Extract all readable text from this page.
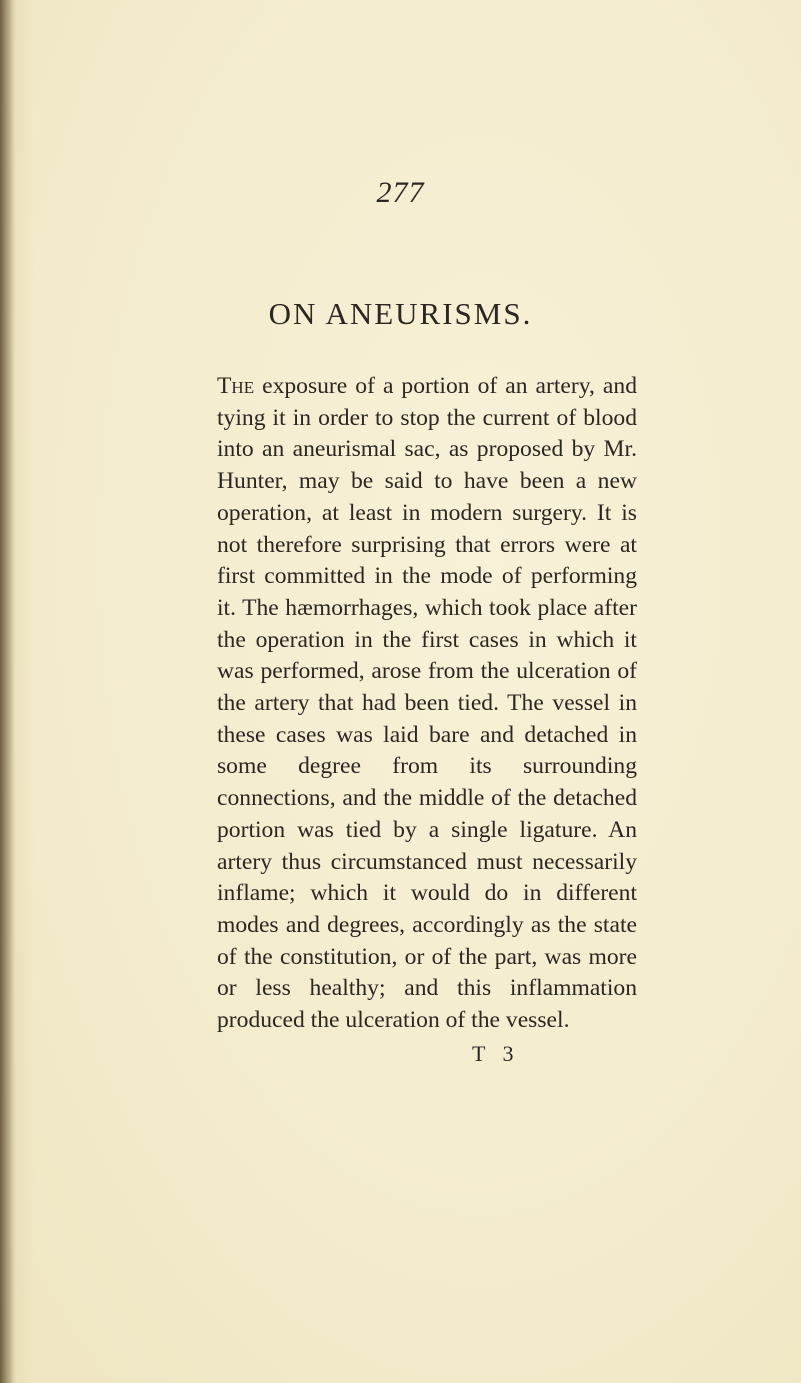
277
ON ANEURISMS.

The exposure of a portion of an artery, and tying it in order to stop the current of blood into an aneurismal sac, as proposed by Mr. Hunter, may be said to have been a new operation, at least in modern surgery. It is not therefore surprising that errors were at first committed in the mode of performing it. The hæmorrhages, which took place after the operation in the first cases in which it was performed, arose from the ulceration of the artery that had been tied. The vessel in these cases was laid bare and detached in some degree from its surrounding connections, and the middle of the detached portion was tied by a single ligature. An artery thus circumstanced must necessarily inflame; which it would do in different modes and degrees, accordingly as the state of the constitution, or of the part, was more or less healthy; and this inflammation produced the ulceration of the vessel.

T 3
